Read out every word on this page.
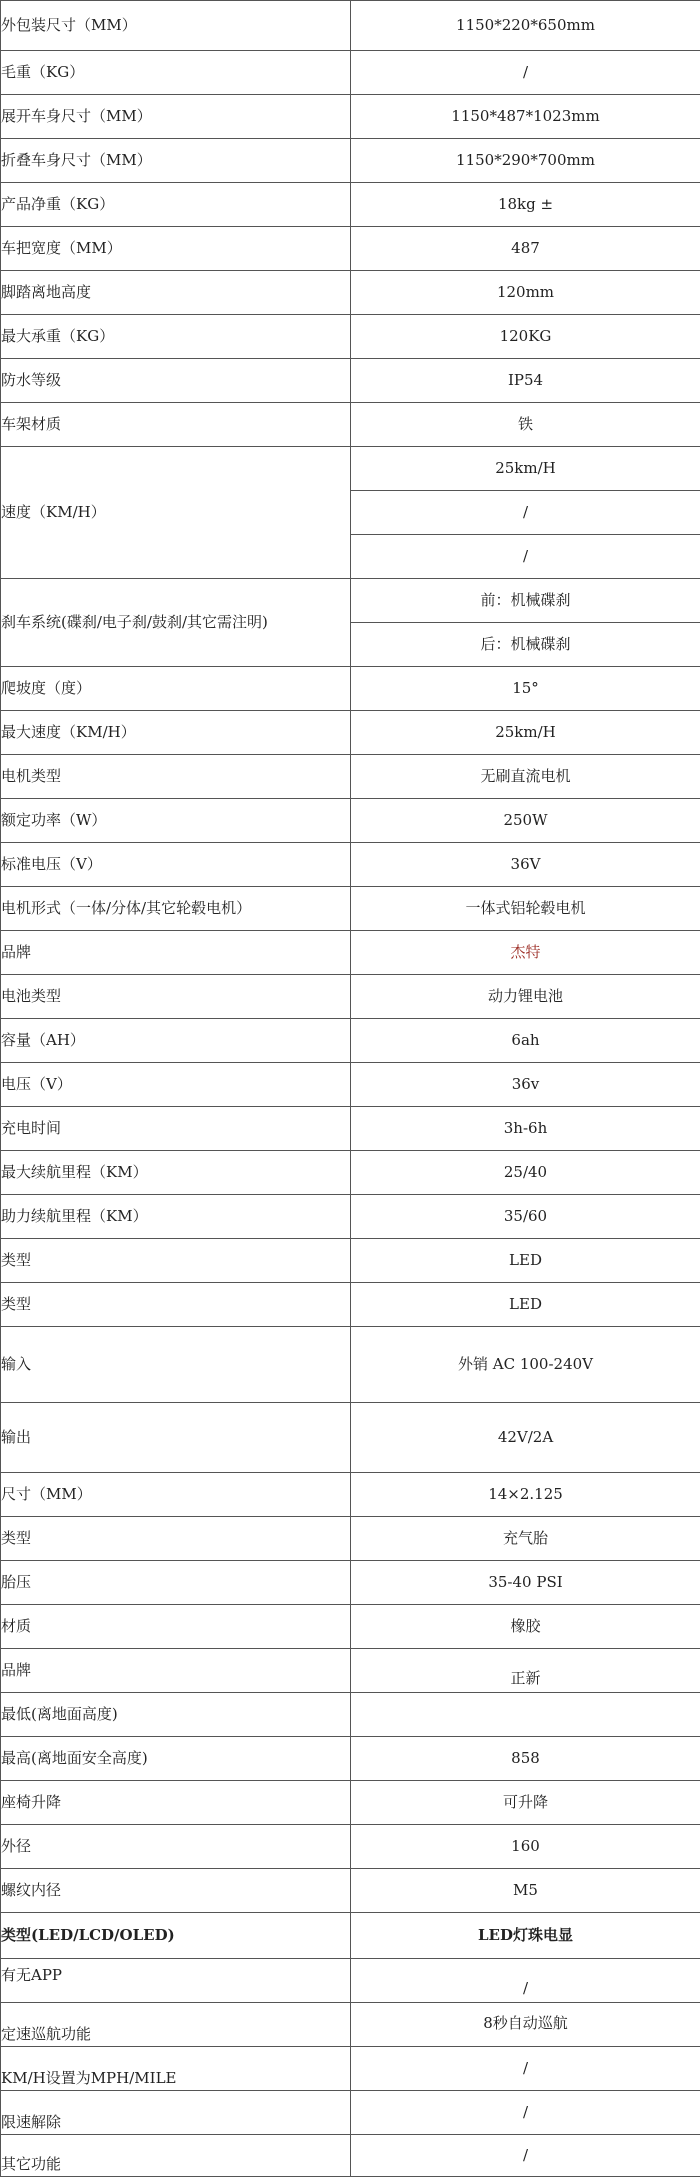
外包装尺寸（MM）	1150*220*650mm
毛重（KG）	/
展开车身尺寸（MM）	1150*487*1023mm
折叠车身尺寸（MM）	1150*290*700mm
产品净重（KG）	18kg ±
车把宽度（MM）	487
脚踏离地高度	120mm
最大承重（KG）	120KG
防水等级	IP54
车架材质	铁
速度（KM/H）	25km/H
	/
	/
刹车系统(碟刹/电子刹/鼓刹/其它需注明)	前：机械碟刹
	后：机械碟刹
爬坡度（度）	15°
最大速度（KM/H）	25km/H
电机类型	无刷直流电机
额定功率（W）	250W
标准电压（V）	36V
电机形式（一体/分体/其它轮毂电机）	一体式铝轮毂电机
品牌	杰特
电池类型	动力锂电池
容量（AH）	6ah
电压（V）	36v
充电时间	3h-6h
最大续航里程（KM）	25/40
助力续航里程（KM）	35/60
类型	LED
类型	LED
输入	外销 AC 100-240V
输出	42V/2A
尺寸（MM）	14×2.125
类型	充气胎
胎压	35-40 PSI
材质	橡胶
品牌	正新
最低(离地面高度)	
最高(离地面安全高度)	858
座椅升降	可升降
外径	160
螺纹内径	M5
类型(LED/LCD/OLED)	LED灯珠电显
有无APP	/
定速巡航功能	8秒自动巡航
KM/H设置为MPH/MILE	/
限速解除	/
其它功能	/
